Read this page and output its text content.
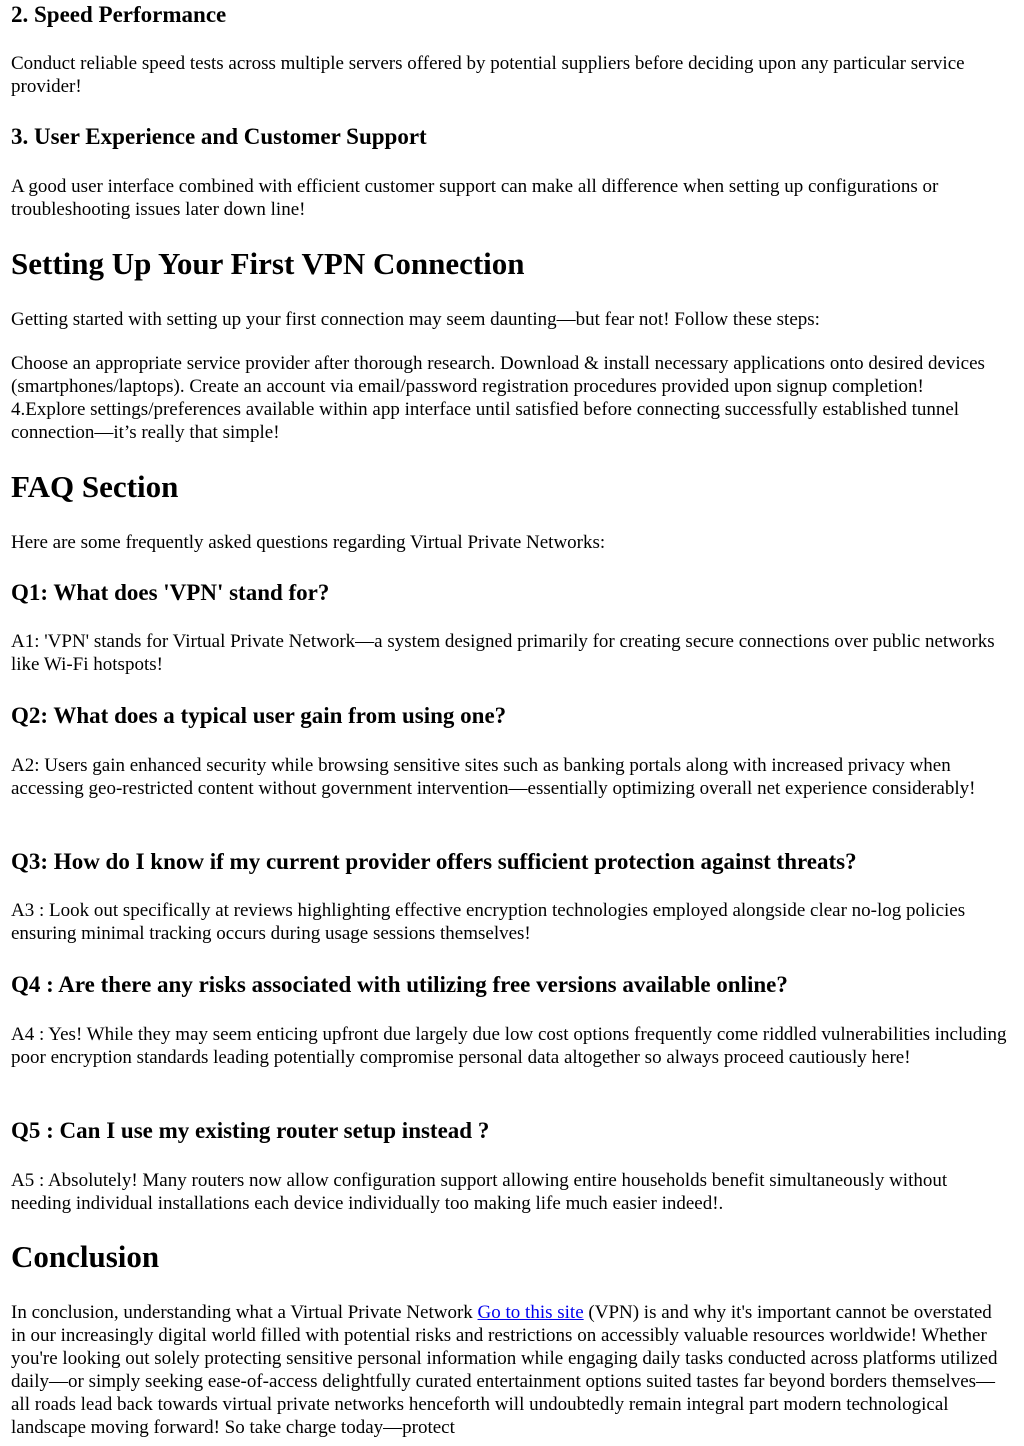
2. Speed Performance

Conduct reliable speed tests across multiple servers offered by potential suppliers before deciding upon any particular service provider!

3. User Experience and Customer Support

A good user interface combined with efficient customer support can make all difference when setting up configurations or troubleshooting issues later down line!

Setting Up Your First VPN Connection

Getting started with setting up your first connection may seem daunting—but fear not! Follow these steps:

Choose an appropriate service provider after thorough research. Download & install necessary applications onto desired devices (smartphones/laptops). Create an account via email/password registration procedures provided upon signup completion! 4.Explore settings/preferences available within app interface until satisfied before connecting successfully established tunnel connection—it’s really that simple!

FAQ Section

Here are some frequently asked questions regarding Virtual Private Networks:

Q1: What does 'VPN' stand for?

A1: 'VPN' stands for Virtual Private Network—a system designed primarily for creating secure connections over public networks like Wi-Fi hotspots!

Q2: What does a typical user gain from using one?

A2: Users gain enhanced security while browsing sensitive sites such as banking portals along with increased privacy when accessing geo-restricted content without government intervention—essentially optimizing overall net experience considerably!

Q3: How do I know if my current provider offers sufficient protection against threats?

A3 : Look out specifically at reviews highlighting effective encryption technologies employed alongside clear no-log policies ensuring minimal tracking occurs during usage sessions themselves!

Q4 : Are there any risks associated with utilizing free versions available online?

A4 : Yes! While they may seem enticing upfront due largely due low cost options frequently come riddled vulnerabilities including poor encryption standards leading potentially compromise personal data altogether so always proceed cautiously here!

Q5 : Can I use my existing router setup instead ?

A5 : Absolutely! Many routers now allow configuration support allowing entire households benefit simultaneously without needing individual installations each device individually too making life much easier indeed!.

Conclusion

In conclusion, understanding what a Virtual Private Network Go to this site (VPN) is and why it's important cannot be overstated in our increasingly digital world filled with potential risks and restrictions on accessibly valuable resources worldwide! Whether you're looking out solely protecting sensitive personal information while engaging daily tasks conducted across platforms utilized daily—or simply seeking ease-of-access delightfully curated entertainment options suited tastes far beyond borders themselves—all roads lead back towards virtual private networks henceforth will undoubtedly remain integral part modern technological landscape moving forward! So take charge today—protect
